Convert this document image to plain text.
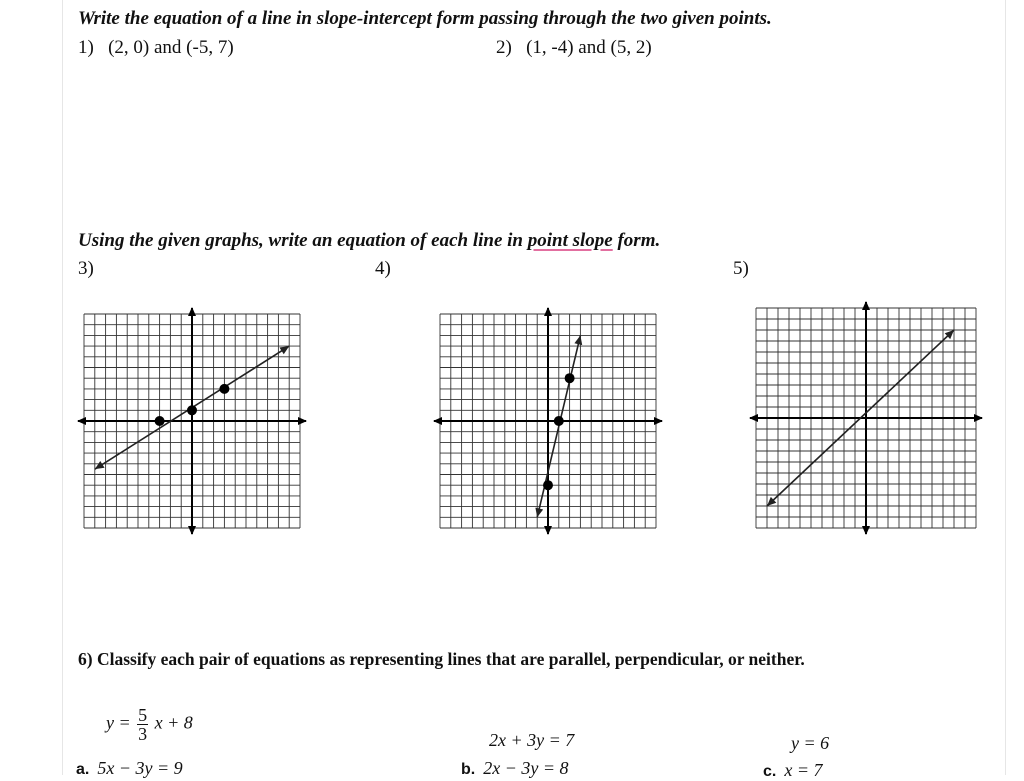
Write the equation of a line in slope-intercept form passing through the two given points.
1) (2, 0) and (-5, 7)	2) (1, -4) and (5, 2)
Using the given graphs, write an equation of each line in point slope form.
3)	4)	5)
6) Classify each pair of equations as representing lines that are parallel, perpendicular, or neither.
$y = \frac{5}{3}$ x + 8
a. 5x − 3y = 9
2x + 3y = 7
b. 2x − 3y = 8
y = 6
c. x = 7
